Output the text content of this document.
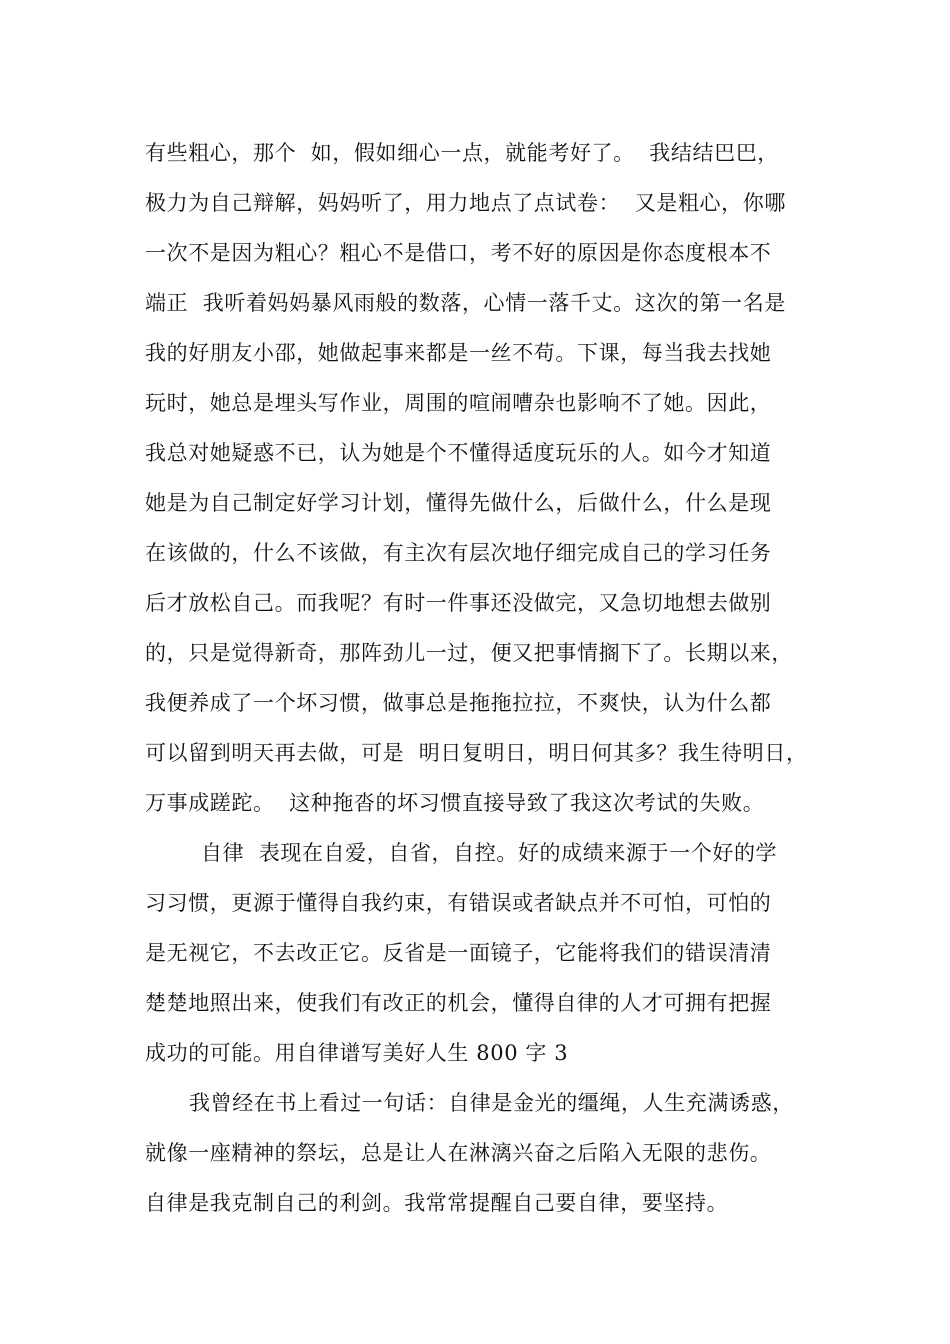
有些粗心，那个  如，假如细心一点，就能考好了。  我结结巴巴，
极力为自己辩解，妈妈听了，用力地点了点试卷：  又是粗心，你哪
一次不是因为粗心？粗心不是借口，考不好的原因是你态度根本不
端正  我听着妈妈暴风雨般的数落，心情一落千丈。这次的第一名是
我的好朋友小邵，她做起事来都是一丝不苟。下课，每当我去找她
玩时，她总是埋头写作业，周围的喧闹嘈杂也影响不了她。因此，
我总对她疑惑不已，认为她是个不懂得适度玩乐的人。如今才知道
她是为自己制定好学习计划，懂得先做什么，后做什么，什么是现
在该做的，什么不该做，有主次有层次地仔细完成自己的学习任务
后才放松自己。而我呢？有时一件事还没做完，又急切地想去做别
的，只是觉得新奇，那阵劲儿一过，便又把事情搁下了。长期以来，
我便养成了一个坏习惯，做事总是拖拖拉拉，不爽快，认为什么都
可以留到明天再去做，可是  明日复明日，明日何其多？我生待明日，
万事成蹉跎。  这种拖沓的坏习惯直接导致了我这次考试的失败。
自律  表现在自爱，自省，自控。好的成绩来源于一个好的学
习习惯，更源于懂得自我约束，有错误或者缺点并不可怕，可怕的
是无视它，不去改正它。反省是一面镜子，它能将我们的错误清清
楚楚地照出来，使我们有改正的机会，懂得自律的人才可拥有把握
成功的可能。用自律谱写美好人生 800 字 3
我曾经在书上看过一句话：自律是金光的缰绳，人生充满诱惑，
就像一座精神的祭坛，总是让人在淋漓兴奋之后陷入无限的悲伤。
自律是我克制自己的利剑。我常常提醒自己要自律，要坚持。
